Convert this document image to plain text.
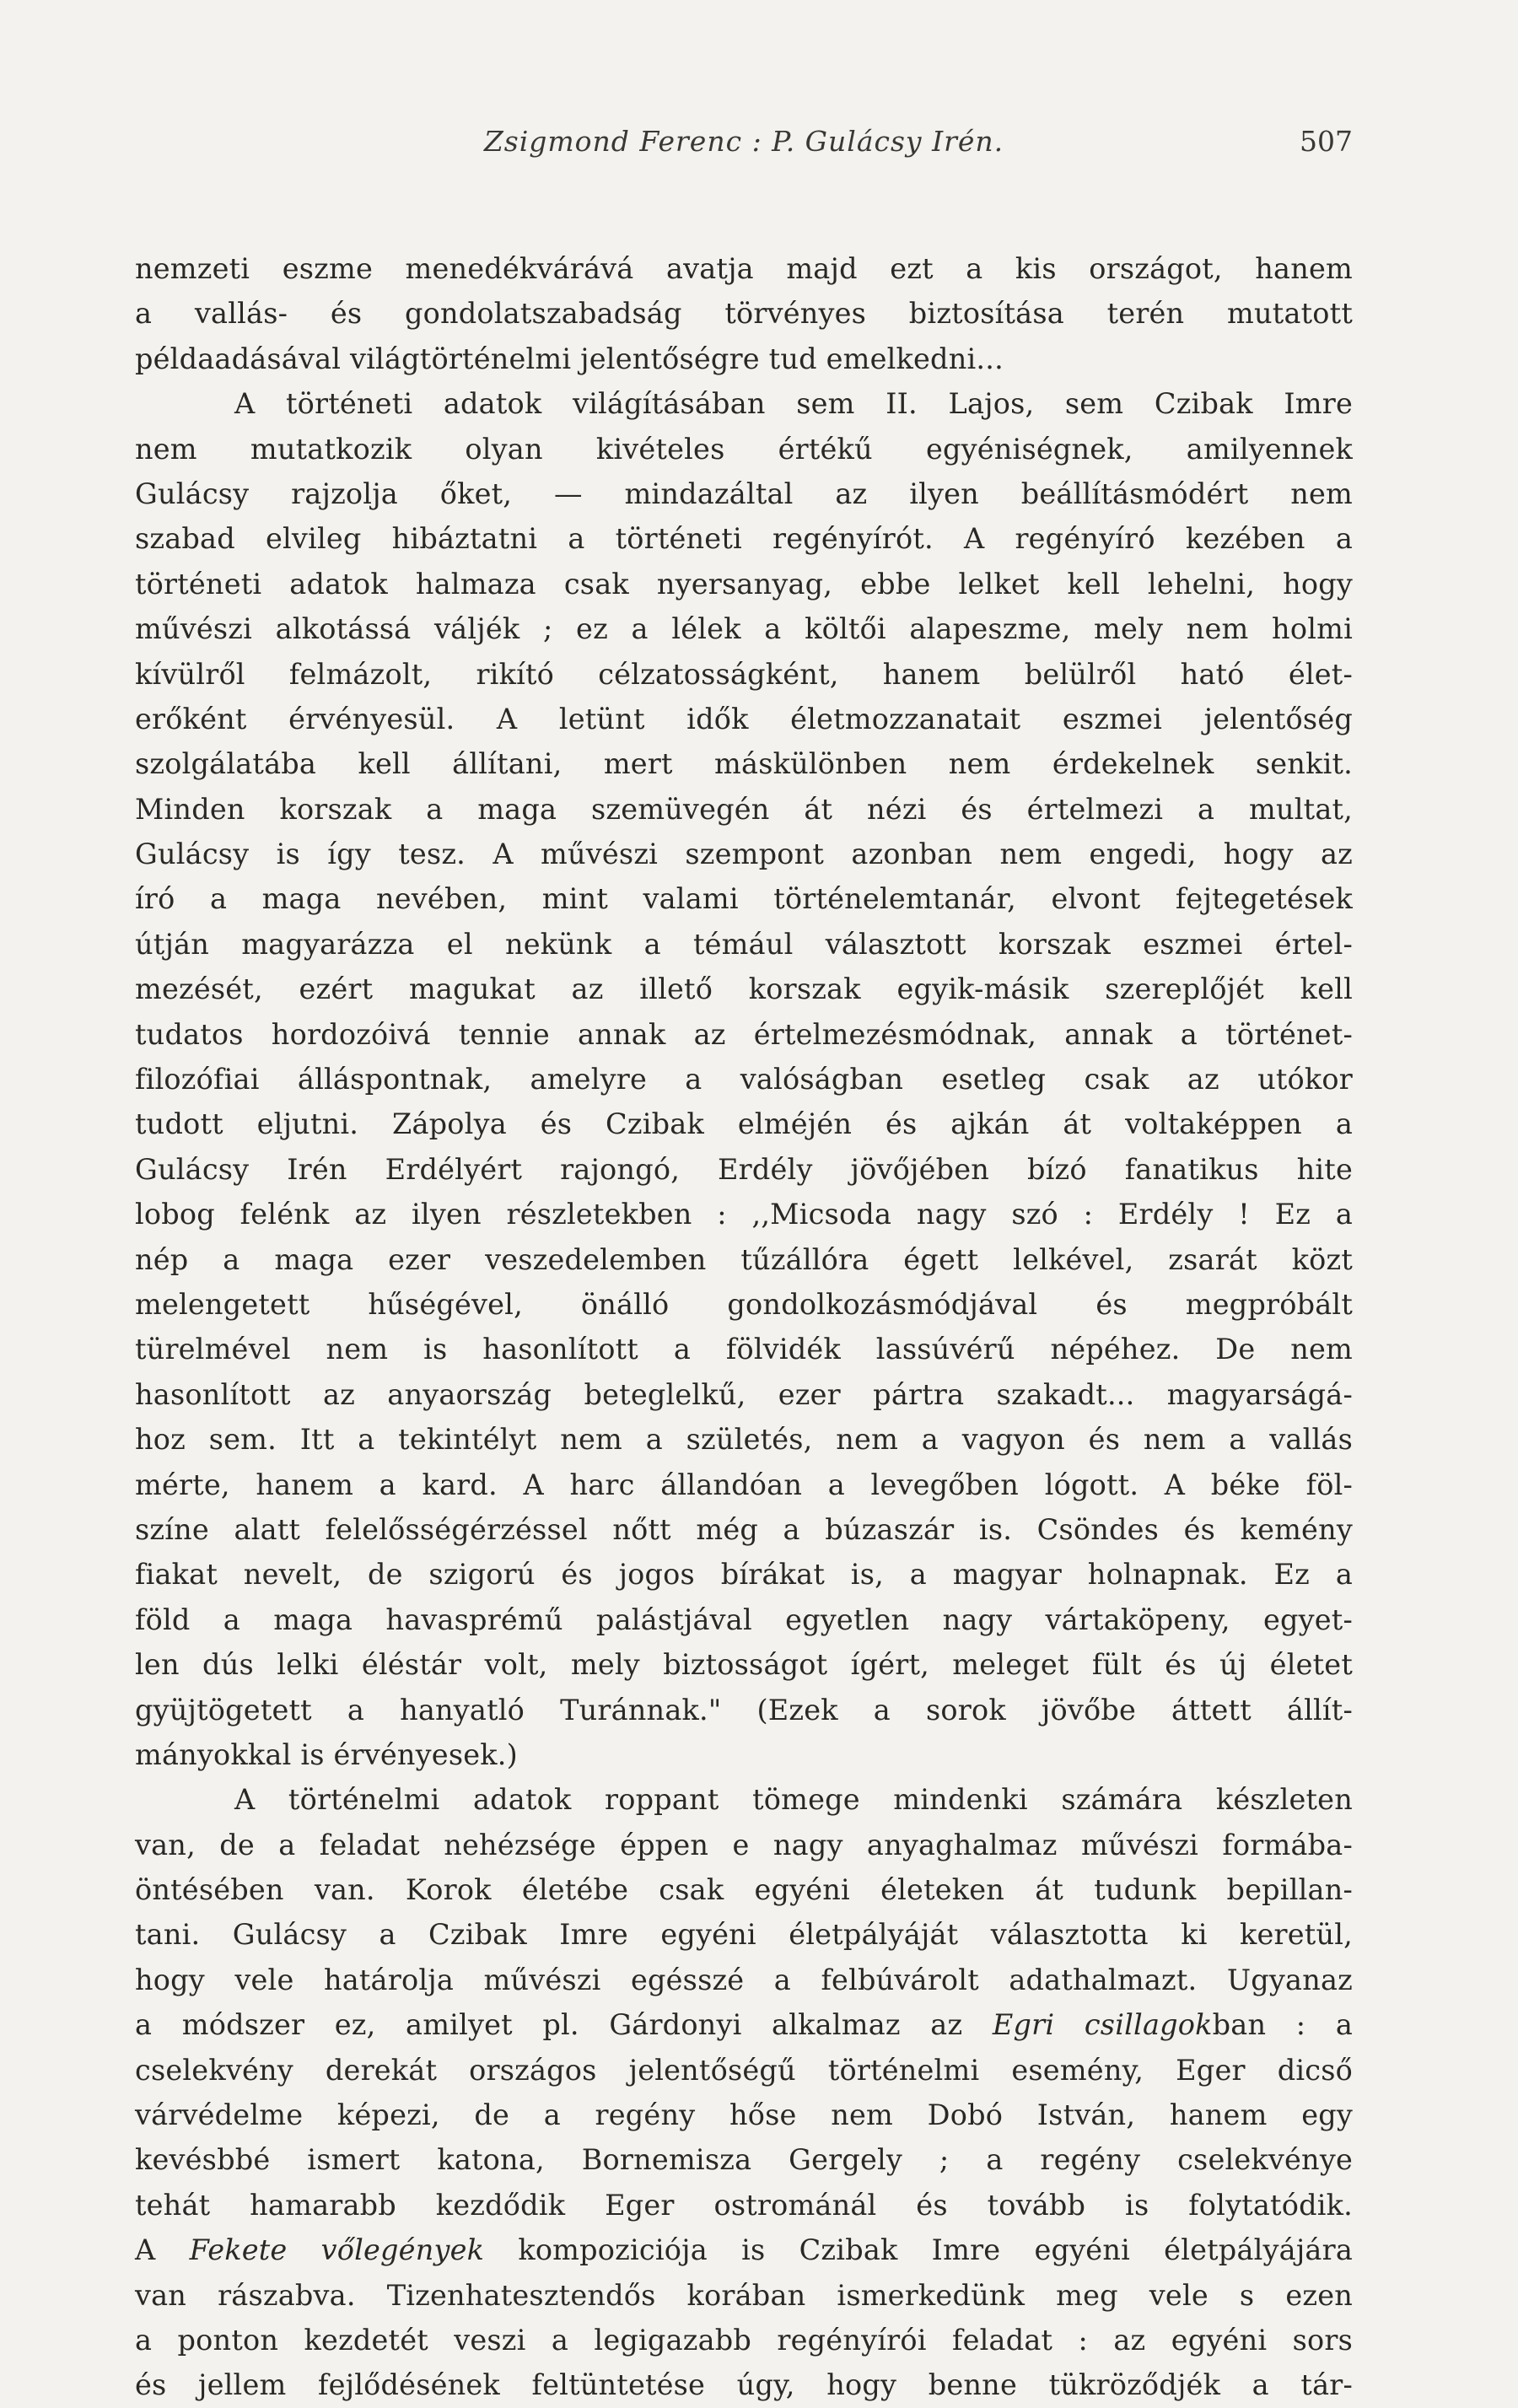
Zsigmond Ferenc : P. Gulácsy Irén.	507
nemzeti eszme menedékvárává avatja majd ezt a kis országot, hanem
a vallás- és gondolatszabadság törvényes biztosítása terén mutatott
példaadásával világtörténelmi jelentőségre tud emelkedni...
A történeti adatok világításában sem II. Lajos, sem Czibak Imre
nem mutatkozik olyan kivételes értékű egyéniségnek, amilyennek
Gulácsy rajzolja őket, — mindazáltal az ilyen beállításmódért nem
szabad elvileg hibáztatni a történeti regényírót. A regényíró kezében a
történeti adatok halmaza csak nyersanyag, ebbe lelket kell lehelni, hogy
művészi alkotássá váljék ; ez a lélek a költői alapeszme, mely nem holmi
kívülről felmázolt, rikító célzatosságként, hanem belülről ható élet-
erőként érvényesül. A letünt idők életmozzanatait eszmei jelentőség
szolgálatába kell állítani, mert máskülönben nem érdekelnek senkit.
Minden korszak a maga szemüvegén át nézi és értelmezi a multat,
Gulácsy is így tesz. A művészi szempont azonban nem engedi, hogy az
író a maga nevében, mint valami történelemtanár, elvont fejtegetések
útján magyarázza el nekünk a témául választott korszak eszmei értel-
mezését, ezért magukat az illető korszak egyik-másik szereplőjét kell
tudatos hordozóivá tennie annak az értelmezésmódnak, annak a történet-
filozófiai álláspontnak, amelyre a valóságban esetleg csak az utókor
tudott eljutni. Zápolya és Czibak elméjén és ajkán át voltaképpen a
Gulácsy Irén Erdélyért rajongó, Erdély jövőjében bízó fanatikus hite
lobog felénk az ilyen részletekben : ,,Micsoda nagy szó : Erdély ! Ez a
nép a maga ezer veszedelemben tűzállóra égett lelkével, zsarát közt
melengetett hűségével, önálló gondolkozásmódjával és megpróbált
türelmével nem is hasonlított a fölvidék lassúvérű népéhez. De nem
hasonlított az anyaország beteglelkű, ezer pártra szakadt... magyarságá-
hoz sem. Itt a tekintélyt nem a születés, nem a vagyon és nem a vallás
mérte, hanem a kard. A harc állandóan a levegőben lógott. A béke föl-
színe alatt felelősségérzéssel nőtt még a búzaszár is. Csöndes és kemény
fiakat nevelt, de szigorú és jogos bírákat is, a magyar holnapnak. Ez a
föld a maga havasprémű palástjával egyetlen nagy vártaköpeny, egyet-
len dús lelki éléstár volt, mely biztosságot ígért, meleget fült és új életet
gyüjtögetett a hanyatló Turánnak." (Ezek a sorok jövőbe áttett állít-
mányokkal is érvényesek.)
A történelmi adatok roppant tömege mindenki számára készleten
van, de a feladat nehézsége éppen e nagy anyaghalmaz művészi formába-
öntésében van. Korok életébe csak egyéni életeken át tudunk bepillan-
tani. Gulácsy a Czibak Imre egyéni életpályáját választotta ki keretül,
hogy vele határolja művészi egésszé a felbúvárolt adathalmazt. Ugyanaz
a módszer ez, amilyet pl. Gárdonyi alkalmaz az Egri csillagokban : a
cselekvény derekát országos jelentőségű történelmi esemény, Eger dicső
várvédelme képezi, de a regény hőse nem Dobó István, hanem egy
kevésbbé ismert katona, Bornemisza Gergely ; a regény cselekvénye
tehát hamarabb kezdődik Eger ostrománál és tovább is folytatódik.
A Fekete vőlegények kompoziciója is Czibak Imre egyéni életpályájára
van rászabva. Tizenhatesztendős korában ismerkedünk meg vele s ezen
a ponton kezdetét veszi a legigazabb regényírói feladat : az egyéni sors
és jellem fejlődésének feltüntetése úgy, hogy benne tükröződjék a tár-
